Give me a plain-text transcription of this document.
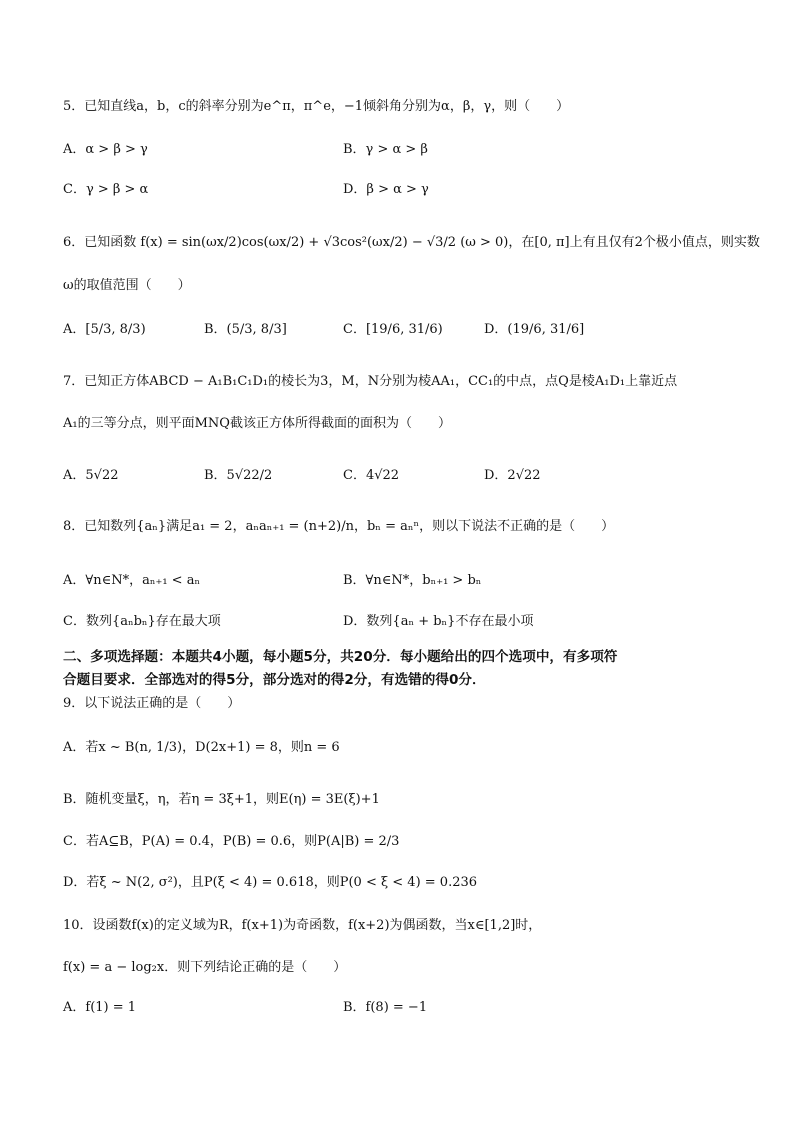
5．已知直线a，b，c的斜率分别为e^π，π^e，−1倾斜角分别为α，β，γ，则（　　）
A．α > β > γ	B．γ > α > β
C．γ > β > α	D．β > α > γ
6．已知函数 f(x) = sin(ωx/2)cos(ωx/2) + √3cos²(ωx/2) − √3/2 (ω > 0)，在[0, π]上有且仅有2个极小值点，则实数
ω的取值范围（　　）
A．[5/3, 8/3)	B．(5/3, 8/3]	C．[19/6, 31/6)	D．(19/6, 31/6]
7．已知正方体ABCD − A₁B₁C₁D₁的棱长为3，M，N分别为棱AA₁，CC₁的中点，点Q是棱A₁D₁上靠近点
A₁的三等分点，则平面MNQ截该正方体所得截面的面积为（　　）
A．5√22	B．5√22/2	C．4√22	D．2√22
8．已知数列{aₙ}满足a₁ = 2，aₙaₙ₊₁ = (n+2)/n，bₙ = aₙⁿ，则以下说法不正确的是（　　）
A．∀n∈N*，aₙ₊₁ < aₙ	B．∀n∈N*，bₙ₊₁ > bₙ
C．数列{aₙbₙ}存在最大项	D．数列{aₙ + bₙ}不存在最小项
二、多项选择题：本题共4小题，每小题5分，共20分．每小题给出的四个选项中，有多项符
合题目要求．全部选对的得5分，部分选对的得2分，有选错的得0分．
9．以下说法正确的是（　　）
A．若x ~ B(n, 1/3)，D(2x+1) = 8，则n = 6
B．随机变量ξ，η，若η = 3ξ+1，则E(η) = 3E(ξ)+1
C．若A⊆B，P(A) = 0.4，P(B) = 0.6，则P(A|B) = 2/3
D．若ξ ~ N(2, σ²)，且P(ξ < 4) = 0.618，则P(0 < ξ < 4) = 0.236
10．设函数f(x)的定义域为R，f(x+1)为奇函数，f(x+2)为偶函数，当x∈[1,2]时，
f(x) = a − log₂x．则下列结论正确的是（　　）
A．f(1) = 1	B．f(8) = −1
